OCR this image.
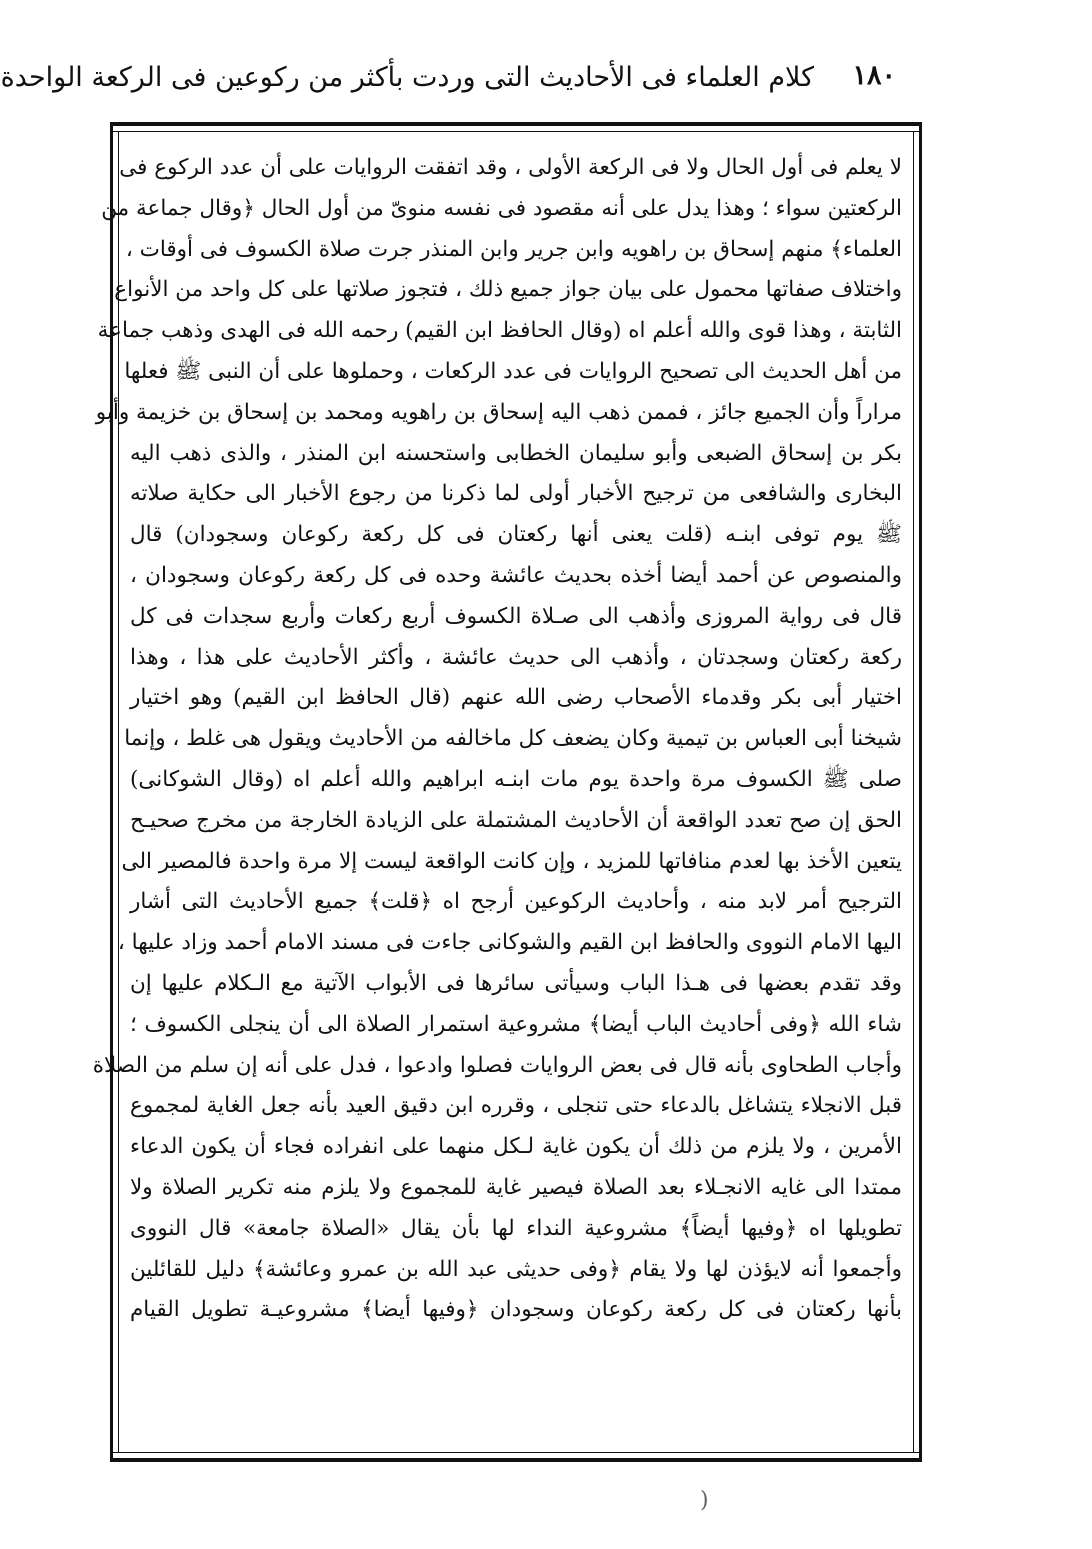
١٨٠
كلام العلماء فى الأحاديث التى وردت بأكثر من ركوعين فى الركعة الواحدة
لا يعلم فى أول الحال ولا فى الركعة الأولى ، وقد اتفقت الروايات على أن عدد الركوع فى
الركعتين سواء ؛ وهذا يدل على أنه مقصود فى نفسه منوىّ من أول الحال ﴿وقال جماعة من
العلماء﴾ منهم إسحاق بن راهويه وابن جرير وابن المنذر جرت صلاة الكسوف فى أوقات ،
واختلاف صفاتها محمول على بيان جواز جميع ذلك ، فتجوز صلاتها على كل واحد من الأنواع
الثابتة ، وهذا قوى والله أعلم اه (وقال الحافظ ابن القيم) رحمه الله فى الهدى وذهب جماعة
من أهل الحديث الى تصحيح الروايات فى عدد الركعات ، وحملوها على أن النبى ﷺ فعلها
مراراً وأن الجميع جائز ، فممن ذهب اليه إسحاق بن راهويه ومحمد بن إسحاق بن خزيمة وأبو
بكر بن إسحاق الضبعى وأبو سليمان الخطابى واستحسنه ابن المنذر ، والذى ذهب اليه
البخارى والشافعى من ترجيح الأخبار أولى لما ذكرنا من رجوع الأخبار الى حكاية صلاته
ﷺ يوم توفى ابنـه (قلت يعنى أنها ركعتان فى كل ركعة ركوعان وسجودان) قال
والمنصوص عن أحمد أيضا أخذه بحديث عائشة وحده فى كل ركعة ركوعان وسجودان ،
قال فى رواية المروزى وأذهب الى صـلاة الكسوف أربع ركعات وأربع سجدات فى كل
ركعة ركعتان وسجدتان ، وأذهب الى حديث عائشة ، وأكثر الأحاديث على هذا ، وهذا
اختيار أبى بكر وقدماء الأصحاب رضى الله عنهم (قال الحافظ ابن القيم) وهو اختيار
شيخنا أبى العباس بن تيمية وكان يضعف كل ماخالفه من الأحاديث ويقول هى غلط ، وإنما
صلى ﷺ الكسوف مرة واحدة يوم مات ابنـه ابراهيم والله أعلم اه (وقال الشوكانى)
الحق إن صح تعدد الواقعة أن الأحاديث المشتملة على الزيادة الخارجة من مخرج صحيـح
يتعين الأخذ بها لعدم منافاتها للمزيد ، وإن كانت الواقعة ليست إلا مرة واحدة فالمصير الى
الترجيح أمر لابد منه ، وأحاديث الركوعين أرجح اه ﴿قلت﴾ جميع الأحاديث التى أشار
اليها الامام النووى والحافظ ابن القيم والشوكانى جاءت فى مسند الامام أحمد وزاد عليها ،
وقد تقدم بعضها فى هـذا الباب وسيأتى سائرها فى الأبواب الآتية مع الـكلام عليها إن
شاء الله ﴿وفى أحاديث الباب أيضا﴾ مشروعية استمرار الصلاة الى أن ينجلى الكسوف ؛
وأجاب الطحاوى بأنه قال فى بعض الروايات فصلوا وادعوا ، فدل على أنه إن سلم من الصلاة
قبل الانجلاء يتشاغل بالدعاء حتى تنجلى ، وقرره ابن دقيق العيد بأنه جعل الغاية لمجموع
الأمرين ، ولا يلزم من ذلك أن يكون غاية لـكل منهما على انفراده فجاء أن يكون الدعاء
ممتدا الى غايه الانجـلاء بعد الصلاة فيصير غاية للمجموع ولا يلزم منه تكرير الصلاة ولا
تطويلها اه ﴿وفيها أيضاً﴾ مشروعية النداء لها بأن يقال «الصلاة جامعة» قال النووى
وأجمعوا أنه لايؤذن لها ولا يقام ﴿وفى حديثى عبد الله بن عمرو وعائشة﴾ دليل للقائلين
بأنها ركعتان فى كل ركعة ركوعان وسجودان ﴿وفيها أيضا﴾ مشروعيـة تطويل القيام
)
